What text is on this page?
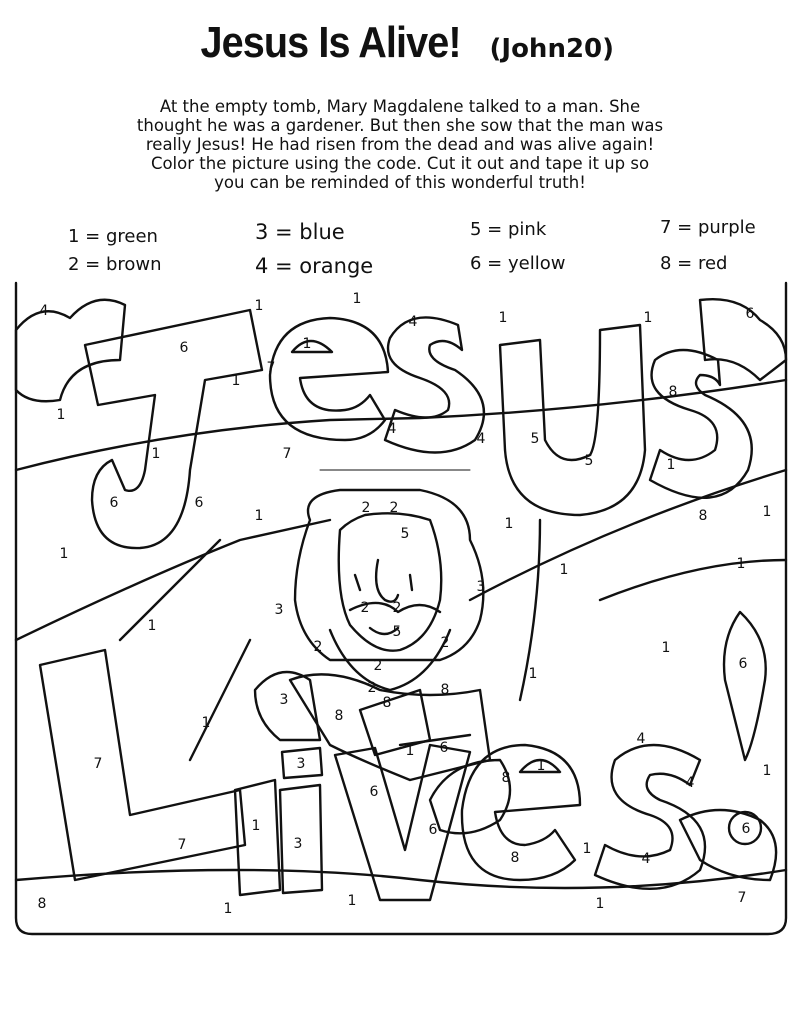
Jesus Is Alive! (John20)
At the empty tomb, Mary Magdalene talked to a man. She
thought he was a gardener. But then she sow that the man was
really Jesus! He had risen from the dead and was alive again!
Color the picture using the code. Cut it out and tape it up so
you can be reminded of this wonderful truth!
1 = green
2 = brown
3 = blue
4 = orange
5 = pink
6 = yellow
7 = purple
8 = red
4	1	1
4	1	1	6
6	1
7
1
8
1
4
4	5
5	1
1	7
6	6
1	2 2
5
1	8	1
1
3
1	1
1
3	2 2
2
2
5
2	1
6
2
8
8
3
8
1
7
1
3
1 6
4
8
1
4
1
7
1
3
6
6
8
1
4
6
8	1	1	1	7
